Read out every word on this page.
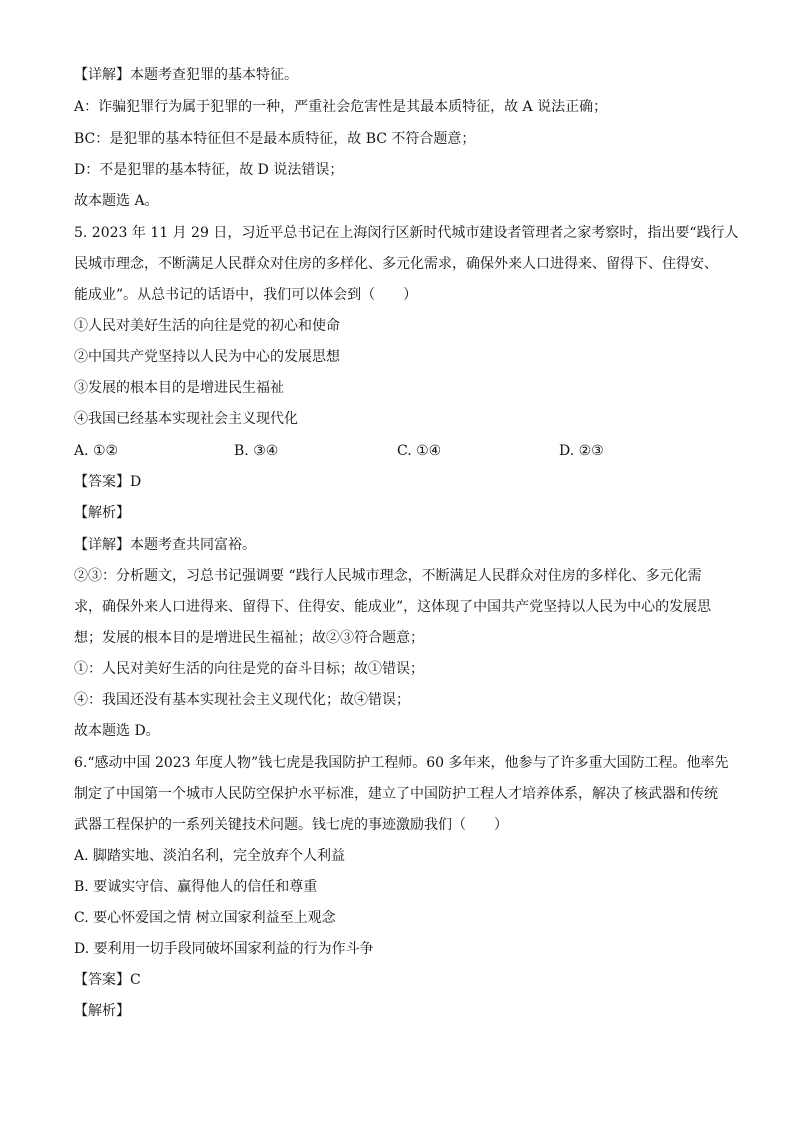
【详解】本题考查犯罪的基本特征。
A：诈骗犯罪行为属于犯罪的一种，严重社会危害性是其最本质特征，故 A 说法正确；
BC：是犯罪的基本特征但不是最本质特征，故 BC 不符合题意；
D：不是犯罪的基本特征，故 D 说法错误；
故本题选 A。
5. 2023 年 11 月 29 日，习近平总书记在上海闵行区新时代城市建设者管理者之家考察时，指出要“践行人
民城市理念，不断满足人民群众对住房的多样化、多元化需求，确保外来人口进得来、留得下、住得安、
能成业”。从总书记的话语中，我们可以体会到（　　）
①人民对美好生活的向往是党的初心和使命
②中国共产党坚持以人民为中心的发展思想
③发展的根本目的是增进民生福祉
④我国已经基本实现社会主义现代化
A. ①②	B. ③④	C. ①④	D. ②③
【答案】D
【解析】
【详解】本题考查共同富裕。
②③：分析题文，习总书记强调要 “践行人民城市理念，不断满足人民群众对住房的多样化、多元化需
求，确保外来人口进得来、留得下、住得安、能成业”，这体现了中国共产党坚持以人民为中心的发展思
想；发展的根本目的是增进民生福祉；故②③符合题意；
①：人民对美好生活的向往是党的奋斗目标；故①错误；
④：我国还没有基本实现社会主义现代化；故④错误；
故本题选 D。
6.“感动中国 2023 年度人物”钱七虎是我国防护工程师。60 多年来，他参与了许多重大国防工程。他率先
制定了中国第一个城市人民防空保护水平标准，建立了中国防护工程人才培养体系，解决了核武器和传统
武器工程保护的一系列关键技术问题。钱七虎的事迹激励我们（　　）
A. 脚踏实地、淡泊名利，完全放弃个人利益
B. 要诚实守信、赢得他人的信任和尊重
C. 要心怀爱国之情 树立国家利益至上观念
D. 要利用一切手段同破坏国家利益的行为作斗争
【答案】C
【解析】
